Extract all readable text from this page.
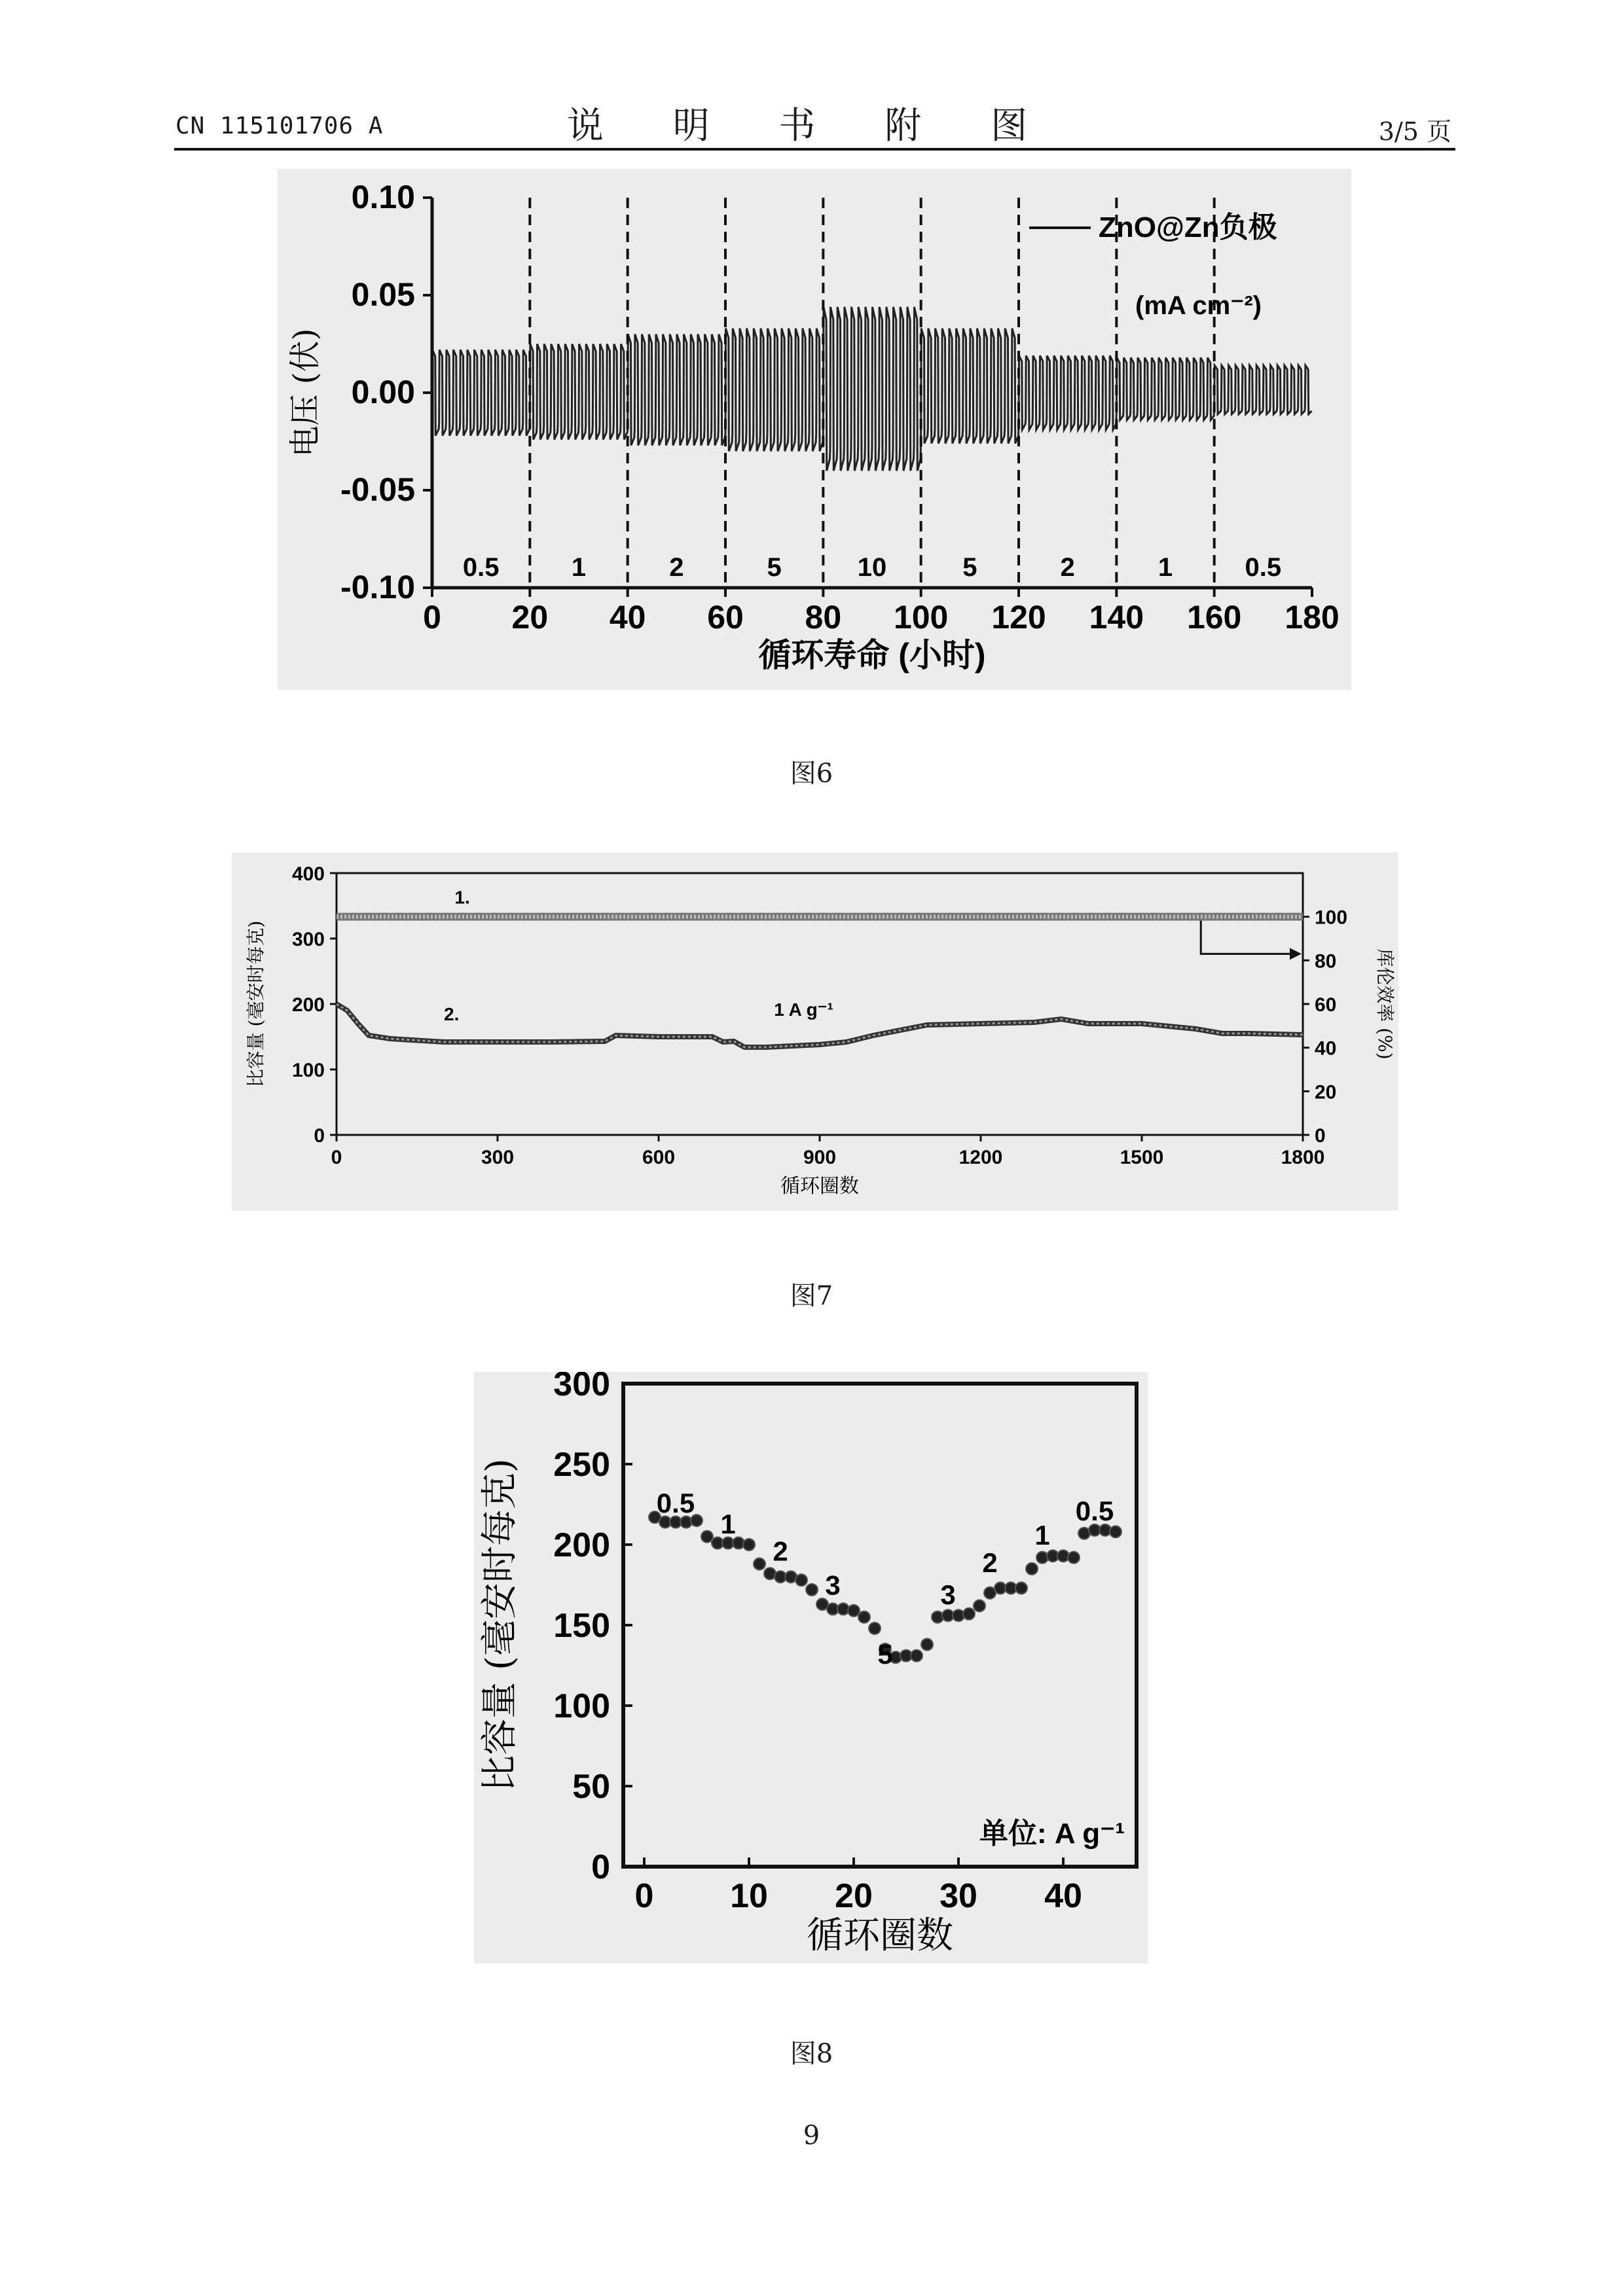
CN 115101706 A	说 明 书 附 图	3/5 页
-0.10
-0.05
0.00
0.05
0.10
0 20 40 60 80 100 120 140 160 180
0.5	1	2	5	10	5	2	1	0.5
循环寿命 (小时)
电压 (伏)
ZnO@Zn负极
(mA cm⁻²)
图6
0
100
200
300
400
0
20
40
60
80
100
0	300	600	900	1200	1500	1800
1.
2.	1 A g⁻¹
循环圈数
比容量 (毫安时每克)	库伦效率 (%)
图7
0
50
100
150
200
250
300
0 10 20 30 40
0.5
1
2
3
5
3
2
1
0.5
单位: A g⁻¹
循环圈数
比容量 (毫安时每克)
图8
9
